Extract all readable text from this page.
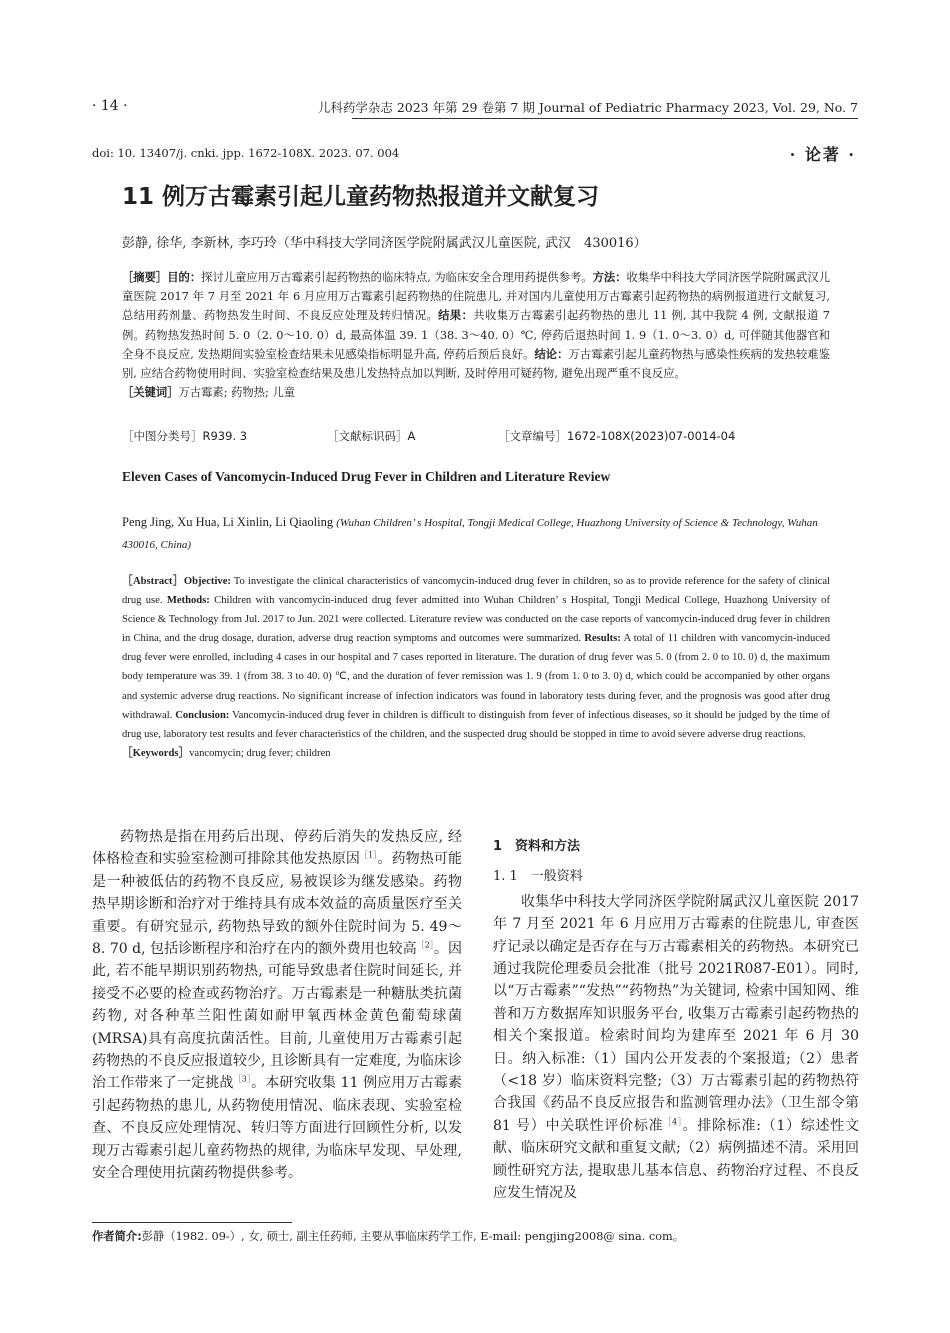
· 14 ·	儿科药学杂志 2023 年第 29 卷第 7 期 Journal of Pediatric Pharmacy 2023, Vol. 29, No. 7
doi: 10. 13407/j. cnki. jpp. 1672-108X. 2023. 07. 004	· 论著 ·
11 例万古霉素引起儿童药物热报道并文献复习
彭静, 徐华, 李新林, 李巧玲（华中科技大学同济医学院附属武汉儿童医院, 武汉　430016）
［摘要］目的：探讨儿童应用万古霉素引起药物热的临床特点, 为临床安全合理用药提供参考。方法：收集华中科技大学同济医学院附属武汉儿童医院 2017 年 7 月至 2021 年 6 月应用万古霉素引起药物热的住院患儿, 并对国内儿童使用万古霉素引起药物热的病例报道进行文献复习, 总结用药剂量、药物热发生时间、不良反应处理及转归情况。结果：共收集万古霉素引起药物热的患儿 11 例, 其中我院 4 例, 文献报道 7 例。药物热发热时间 5. 0（2. 0～10. 0）d, 最高体温 39. 1（38. 3～40. 0）℃, 停药后退热时间 1. 9（1. 0～3. 0）d, 可伴随其他器官和全身不良反应, 发热期间实验室检查结果未见感染指标明显升高, 停药后预后良好。结论：万古霉素引起儿童药物热与感染性疾病的发热较难鉴别, 应结合药物使用时间、实验室检查结果及患儿发热特点加以判断, 及时停用可疑药物, 避免出现严重不良反应。
［关键词］万古霉素; 药物热; 儿童
［中图分类号］R939. 3	［文献标识码］A	［文章编号］1672-108X(2023)07-0014-04
Eleven Cases of Vancomycin-Induced Drug Fever in Children and Literature Review
Peng Jing, Xu Hua, Li Xinlin, Li Qiaoling (Wuhan Children’ s Hospital, Tongji Medical College, Huazhong University of Science & Technology, Wuhan　430016, China)
［Abstract］Objective: To investigate the clinical characteristics of vancomycin-induced drug fever in children, so as to provide reference for the safety of clinical drug use. Methods: Children with vancomycin-induced drug fever admitted into Wuhan Children’ s Hospital, Tongji Medical College, Huazhong University of Science & Technology from Jul. 2017 to Jun. 2021 were collected. Literature review was conducted on the case reports of vancomycin-induced drug fever in children in China, and the drug dosage, duration, adverse drug reaction symptoms and outcomes were summarized. Results: A total of 11 children with vancomycin-induced drug fever were enrolled, including 4 cases in our hospital and 7 cases reported in literature. The duration of drug fever was 5. 0 (from 2. 0 to 10. 0) d, the maximum body temperature was 39. 1 (from 38. 3 to 40. 0) ℃, and the duration of fever remission was 1. 9 (from 1. 0 to 3. 0) d, which could be accompanied by other organs and systemic adverse drug reactions. No significant increase of infection indicators was found in laboratory tests during fever, and the prognosis was good after drug withdrawal. Conclusion: Vancomycin-induced drug fever in children is difficult to distinguish from fever of infectious diseases, so it should be judged by the time of drug use, laboratory test results and fever characteristics of the children, and the suspected drug should be stopped in time to avoid severe adverse drug reactions.
［Keywords］vancomycin; drug fever; children

药物热是指在用药后出现、停药后消失的发热反应, 经体格检查和实验室检测可排除其他发热原因$^{[1]}$。药物热可能是一种被低估的药物不良反应, 易被误诊为继发感染。药物热早期诊断和治疗对于维持具有成本效益的高质量医疗至关重要。有研究显示, 药物热导致的额外住院时间为 5. 49～8. 70 d, 包括诊断程序和治疗在内的额外费用也较高$^{[2]}$。因此, 若不能早期识别药物热, 可能导致患者住院时间延长, 并接受不必要的检查或药物治疗。万古霉素是一种糖肽类抗菌药物, 对各种革兰阳性菌如耐甲氧西林金黄色葡萄球菌(MRSA)具有高度抗菌活性。目前, 儿童使用万古霉素引起药物热的不良反应报道较少, 且诊断具有一定难度, 为临床诊治工作带来了一定挑战$^{[3]}$。本研究收集 11 例应用万古霉素引起药物热的患儿, 从药物使用情况、临床表现、实验室检查、不良反应处理情况、转归等方面进行回顾性分析, 以发现万古霉素引起儿童药物热的规律, 为临床早发现、早处理, 安全合理使用抗菌药物提供参考。

1　资料和方法
1. 1　一般资料

收集华中科技大学同济医学院附属武汉儿童医院 2017 年 7 月至 2021 年 6 月应用万古霉素的住院患儿, 审查医疗记录以确定是否存在与万古霉素相关的药物热。本研究已通过我院伦理委员会批准（批号 2021R087-E01）。同时, 以“万古霉素”“发热”“药物热”为关键词, 检索中国知网、维普和万方数据库知识服务平台, 收集万古霉素引起药物热的相关个案报道。检索时间均为建库至 2021 年 6 月 30 日。纳入标准:（1）国内公开发表的个案报道;（2）患者（<18 岁）临床资料完整;（3）万古霉素引起的药物热符合我国《药品不良反应报告和监测管理办法》（卫生部令第 81 号）中关联性评价标准$^{[4]}$。排除标准:（1）综述性文献、临床研究文献和重复文献;（2）病例描述不清。采用回顾性研究方法, 提取患儿基本信息、药物治疗过程、不良反应发生情况及

作者简介:彭静（1982. 09-）, 女, 硕士, 副主任药师, 主要从事临床药学工作, E-mail: pengjing2008@ sina. com。
